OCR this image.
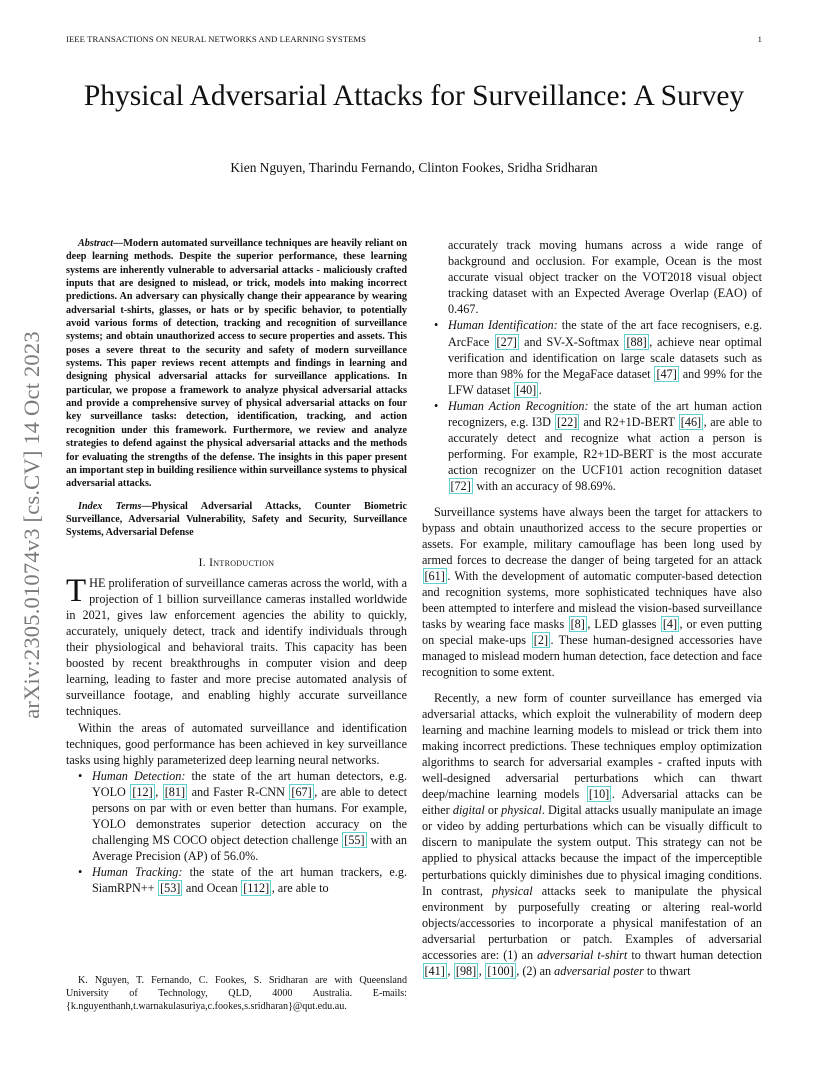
IEEE TRANSACTIONS ON NEURAL NETWORKS AND LEARNING SYSTEMS	1
Physical Adversarial Attacks for Surveillance: A Survey
Kien Nguyen, Tharindu Fernando, Clinton Fookes, Sridha Sridharan
arXiv:2305.01074v3 [cs.CV] 14 Oct 2023

Abstract—Modern automated surveillance techniques are heavily reliant on deep learning methods. Despite the superior performance, these learning systems are inherently vulnerable to adversarial attacks - maliciously crafted inputs that are designed to mislead, or trick, models into making incorrect predictions. An adversary can physically change their appearance by wearing adversarial t-shirts, glasses, or hats or by specific behavior, to potentially avoid various forms of detection, tracking and recognition of surveillance systems; and obtain unauthorized access to secure properties and assets. This poses a severe threat to the security and safety of modern surveillance systems. This paper reviews recent attempts and findings in learning and designing physical adversarial attacks for surveillance applications. In particular, we propose a framework to analyze physical adversarial attacks and provide a comprehensive survey of physical adversarial attacks on four key surveillance tasks: detection, identification, tracking, and action recognition under this framework. Furthermore, we review and analyze strategies to defend against the physical adversarial attacks and the methods for evaluating the strengths of the defense. The insights in this paper present an important step in building resilience within surveillance systems to physical adversarial attacks.

Index Terms—Physical Adversarial Attacks, Counter Biometric Surveillance, Adversarial Vulnerability, Safety and Security, Surveillance Systems, Adversarial Defense

I. Introduction

THE proliferation of surveillance cameras across the world, with a projection of 1 billion surveillance cameras installed worldwide in 2021, gives law enforcement agencies the ability to quickly, accurately, uniquely detect, track and identify individuals through their physiological and behavioral traits. This capacity has been boosted by recent breakthroughs in computer vision and deep learning, leading to faster and more precise automated analysis of surveillance footage, and enabling highly accurate surveillance techniques.

Within the areas of automated surveillance and identification techniques, good performance has been achieved in key surveillance tasks using highly parameterized deep learning neural networks.

• Human Detection: the state of the art human detectors, e.g. YOLO [12] , [81] and Faster R-CNN [67] , are able to detect persons on par with or even better than humans. For example, YOLO demonstrates superior detection accuracy on the challenging MS COCO object detection challenge [55] with an Average Precision (AP) of 56.0%.
• Human Tracking: the state of the art human trackers, e.g. SiamRPN++ [53] and Ocean [112] , are able to
K. Nguyen, T. Fernando, C. Fookes, S. Sridharan are with Queensland University of Technology, QLD, 4000 Australia. E-mails: {k.nguyenthanh,t.warnakulasuriya,c.fookes,s.sridharan}@qut.edu.au.

accurately track moving humans across a wide range of background and occlusion. For example, Ocean is the most accurate visual object tracker on the VOT2018 visual object tracking dataset with an Expected Average Overlap (EAO) of 0.467.

• Human Identification: the state of the art face recognisers, e.g. ArcFace [27] and SV-X-Softmax [88] , achieve near optimal verification and identification on large scale datasets such as more than 98% for the MegaFace dataset [47] and 99% for the LFW dataset [40] .
• Human Action Recognition: the state of the art human action recognizers, e.g. I3D [22] and R2+1D-BERT [46] , are able to accurately detect and recognize what action a person is performing. For example, R2+1D-BERT is the most accurate action recognizer on the UCF101 action recognition dataset [72] with an accuracy of 98.69%.

Surveillance systems have always been the target for attackers to bypass and obtain unauthorized access to the secure properties or assets. For example, military camouflage has been long used by armed forces to decrease the danger of being targeted for an attack [61] . With the development of automatic computer-based detection and recognition systems, more sophisticated techniques have also been attempted to interfere and mislead the vision-based surveillance tasks by wearing face masks [8] , LED glasses [4] , or even putting on special make-ups [2] . These human-designed accessories have managed to mislead modern human detection, face detection and face recognition to some extent.

Recently, a new form of counter surveillance has emerged via adversarial attacks, which exploit the vulnerability of modern deep learning and machine learning models to mislead or trick them into making incorrect predictions. These techniques employ optimization algorithms to search for adversarial examples - crafted inputs with well-designed adversarial perturbations which can thwart deep/machine learning models [10] . Adversarial attacks can be either digital or physical. Digital attacks usually manipulate an image or video by adding perturbations which can be visually difficult to discern to manipulate the system output. This strategy can not be applied to physical attacks because the impact of the imperceptible perturbations quickly diminishes due to physical imaging conditions. In contrast, physical attacks seek to manipulate the physical environment by purposefully creating or altering real-world objects/accessories to incorporate a physical manifestation of an adversarial perturbation or patch. Examples of adversarial accessories are: (1) an adversarial t-shirt to thwart human detection [41] , [98] , [100] , (2) an adversarial poster to thwart
